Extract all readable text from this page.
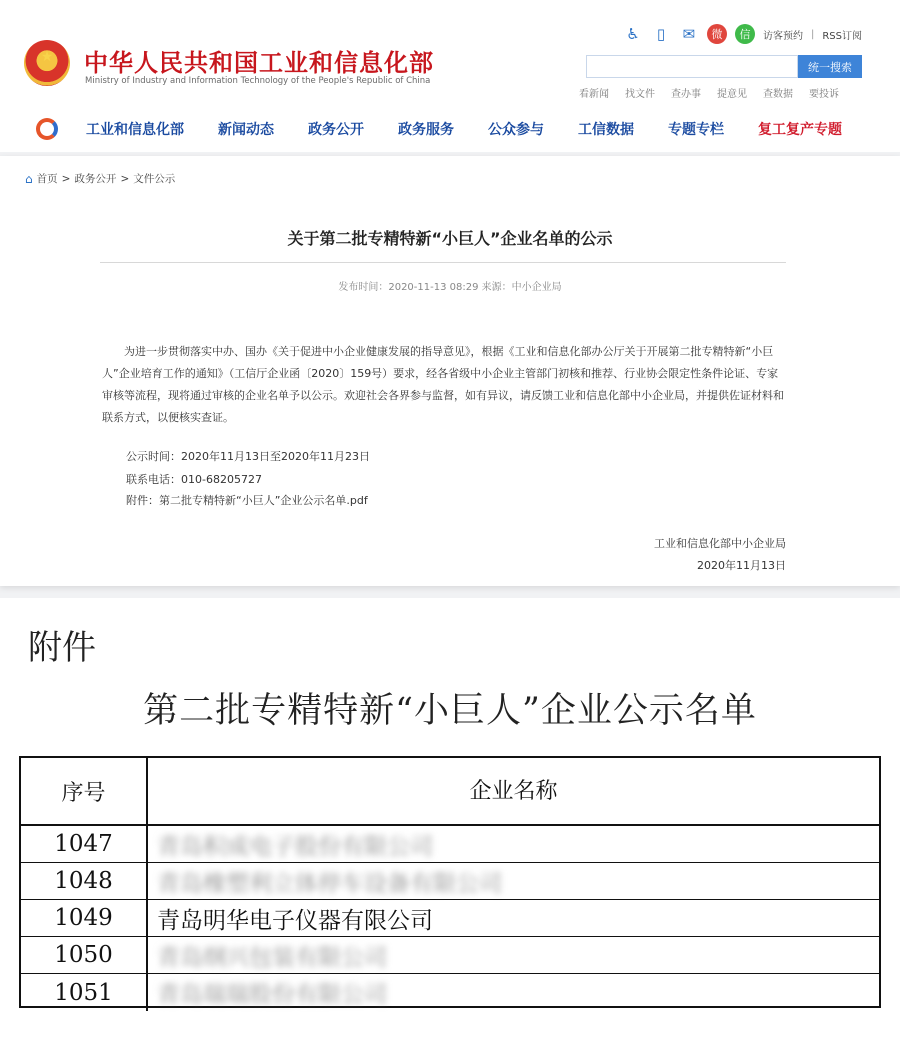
★	中华人民共和国工业和信息化部
Ministry of Industry and Information Technology of the People's Republic of China
♿	▯	✉	微	信	访客预约 | RSS订阅
统一搜索
看新闻 找文件 查办事 提意见 查数据 要投诉
工业和信息化部 新闻动态 政务公开 政务服务 公众参与 工信数据 专题专栏 复工复产专题
⌂ 首页 > 政务公开 > 文件公示
关于第二批专精特新“小巨人”企业名单的公示
发布时间：2020-11-13 08:29 来源：中小企业局

为进一步贯彻落实中办、国办《关于促进中小企业健康发展的指导意见》，根据《工业和信息化部办公厅关于开展第二批专精特新“小巨人”企业培育工作的通知》（工信厅企业函〔2020〕159号）要求，经各省级中小企业主管部门初核和推荐、行业协会限定性条件论证、专家审核等流程，现将通过审核的企业名单予以公示。欢迎社会各界参与监督，如有异议，请反馈工业和信息化部中小企业局，并提供佐证材料和联系方式，以便核实查证。

公示时间：2020年11月13日至2020年11月23日
联系电话：010-68205727
附件：第二批专精特新“小巨人”企业公示名单.pdf
工业和信息化部中小企业局
2020年11月13日
附件
第二批专精特新“小巨人”企业公示名单
序号	企业名称
1047	青岛积成电子股份有限公司
1048	青岛橡塑利立体停车设备有限公司
1049	青岛明华电子仪器有限公司
1050	青岛纲兴包装有限公司
1051	青岛瑞瑞股份有限公司
